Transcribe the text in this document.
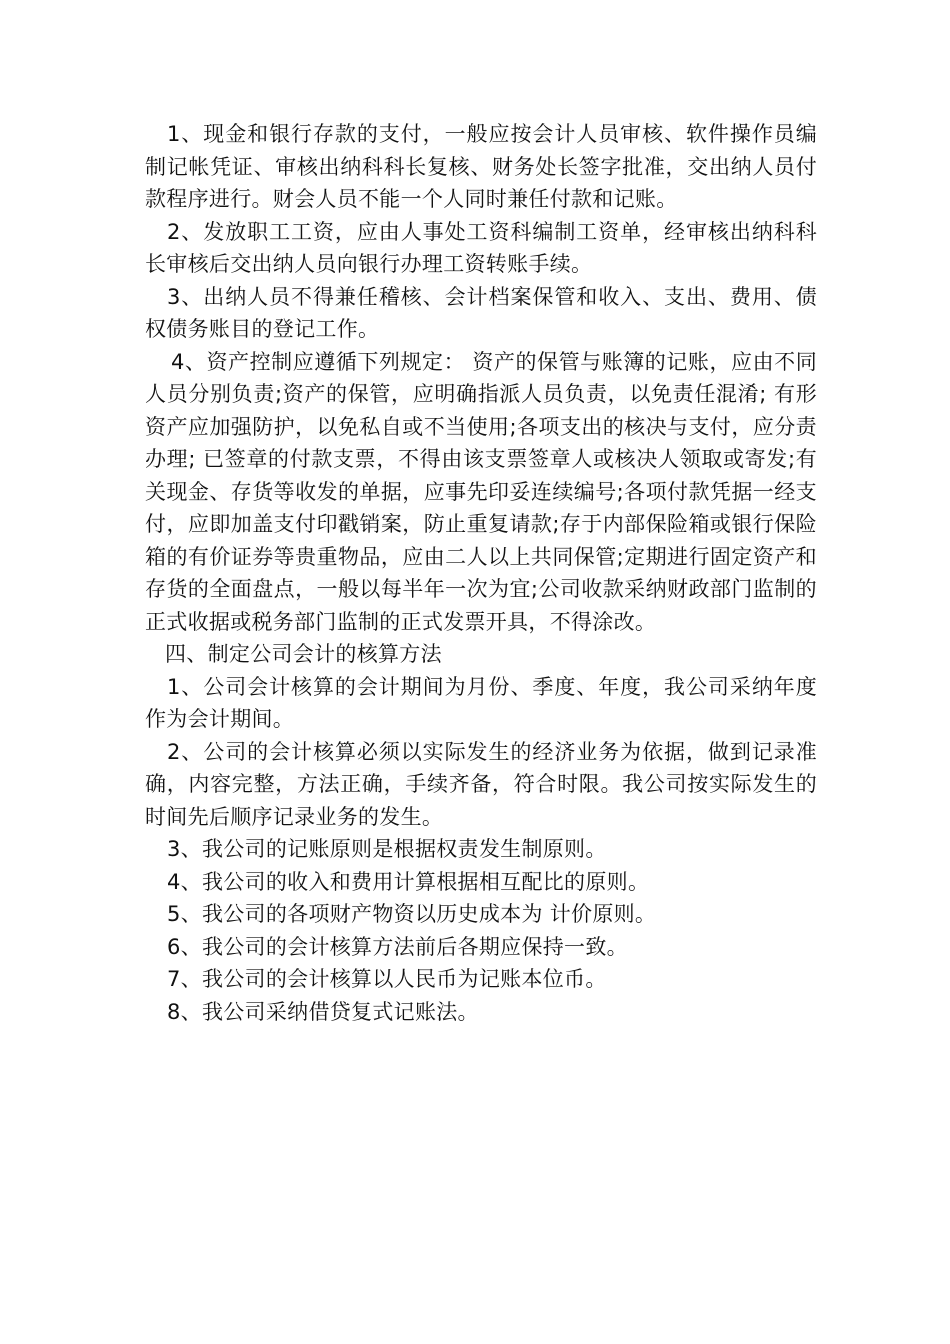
1、现金和银行存款的支付，一般应按会计人员审核、软件操作员编制记帐凭证、审核出纳科科长复核、财务处长签字批准，交出纳人员付款程序进行。财会人员不能一个人同时兼任付款和记账。

2、发放职工工资，应由人事处工资科编制工资单，经审核出纳科科长审核后交出纳人员向银行办理工资转账手续。

3、出纳人员不得兼任稽核、会计档案保管和收入、支出、费用、债权债务账目的登记工作。

4、资产控制应遵循下列规定： 资产的保管与账簿的记账，应由不同人员分别负责;资产的保管，应明确指派人员负责，以免责任混淆; 有形资产应加强防护，以免私自或不当使用;各项支出的核决与支付，应分责办理; 已签章的付款支票，不得由该支票签章人或核决人领取或寄发;有关现金、存货等收发的单据，应事先印妥连续编号;各项付款凭据一经支付，应即加盖支付印戳销案，防止重复请款;存于内部保险箱或银行保险箱的有价证券等贵重物品，应由二人以上共同保管;定期进行固定资产和存货的全面盘点，一般以每半年一次为宜;公司收款采纳财政部门监制的正式收据或税务部门监制的正式发票开具，不得涂改。

四、制定公司会计的核算方法

1、公司会计核算的会计期间为月份、季度、年度，我公司采纳年度作为会计期间。

2、公司的会计核算必须以实际发生的经济业务为依据，做到记录准确，内容完整，方法正确，手续齐备，符合时限。我公司按实际发生的时间先后顺序记录业务的发生。

3、我公司的记账原则是根据权责发生制原则。

4、我公司的收入和费用计算根据相互配比的原则。

5、我公司的各项财产物资以历史成本为 计价原则。

6、我公司的会计核算方法前后各期应保持一致。

7、我公司的会计核算以人民币为记账本位币。

8、我公司采纳借贷复式记账法。
